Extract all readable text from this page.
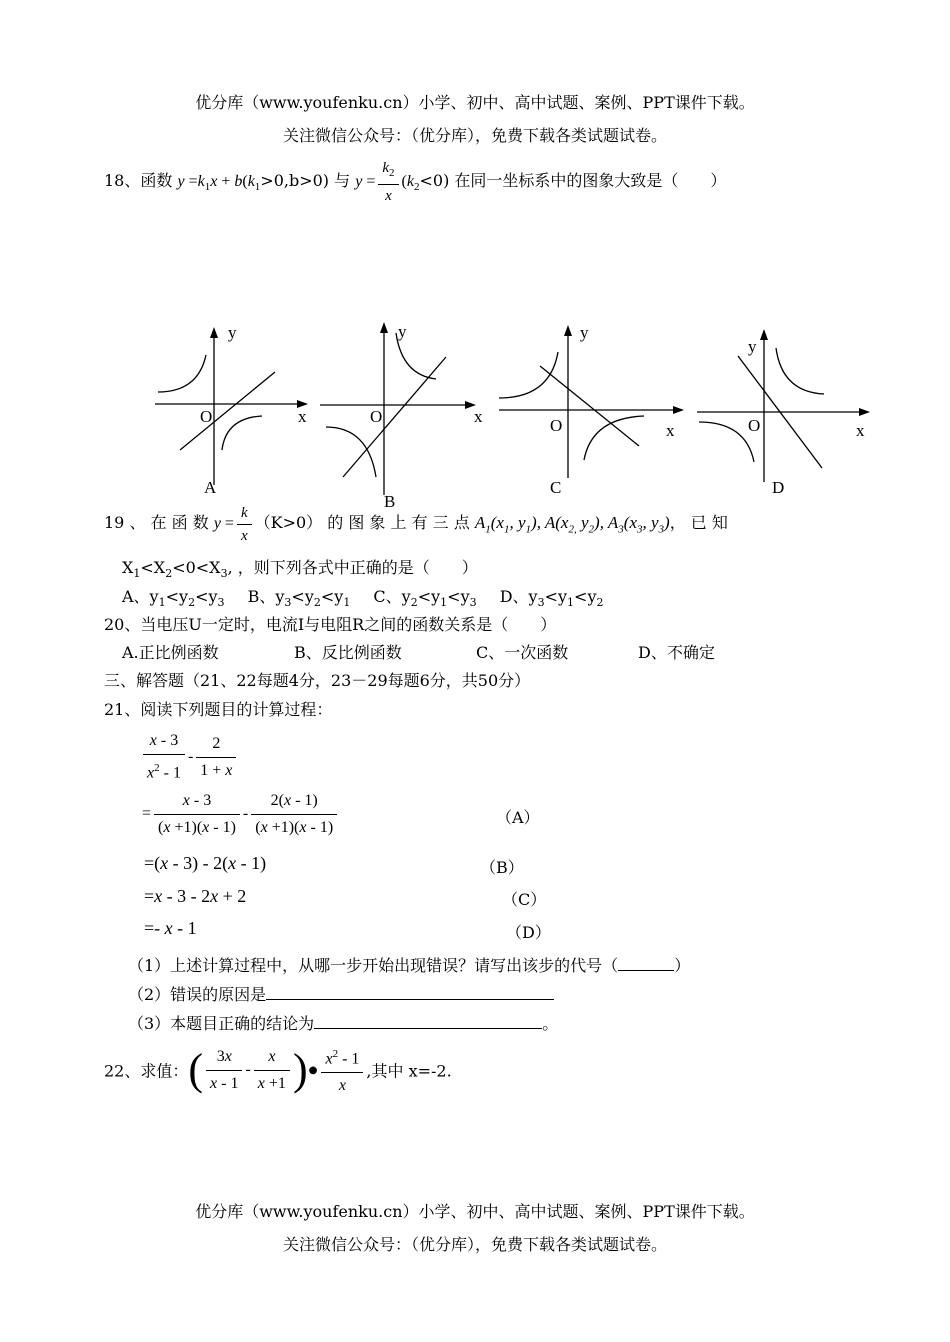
优分库（www.youfenku.cn）小学、初中、高中试题、案例、PPT课件下载。
关注微信公众号：（优分库），免费下载各类试题试卷。
18、函数 $y =k_1x + b(k_1>0,b>0)$ 与 $y = \frac{k_2}{x} (k_2<0)$ 在同一坐标系中的图象大致是（　　）
y
O	x
A
y
O	x
B
y
O	x
C
y
O	x
D
19 、 在 函 数 $y = \frac{k}{x} (K>0)$ 的 图 象 上 有 三 点 $A_1(x_1$, $y_1$), $A(x_{2,}$ $y_2$), $A_3(x_3$, $y_3$)， 已 知
$X_1<X_2<0<X_3$, ，则下列各式中正确的是（　　）
A、$y_1<y_2<y_3$ B、$y_3<y_2<y_1$ C、$y_2<y_1<y_3$ D、$y_3<y_1<y_2$
20、当电压U一定时，电流I与电阻R之间的函数关系是（　　）
A.正比例函数	B、反比例函数	C、一次函数	D、不确定
三、解答题（21、22每题4分，23－29每题6分，共50分）
21、阅读下列题目的计算过程：
$\frac{x - 3}{x^2 - 1} - \frac{2}{1 + x}$
= $\frac{x - 3}{(x +1)(x - 1)} - \frac{2(x - 1)}{(x +1)(x - 1)}$	（A）
=(x - 3) - 2(x - 1)	（B）
=x - 3 - 2x + 2	（C）
=- x - 1	（D）
（1）上述计算过程中，从哪一步开始出现错误？请写出该步的代号（	）
（2）错误的原因是
（3）本题目正确的结论为	。
22、求值：( $\frac{3x}{x - 1} - \frac{x}{x +1}$ )● $\frac{x^2 - 1}{x}$ ,其中 x=-2.
优分库（www.youfenku.cn）小学、初中、高中试题、案例、PPT课件下载。
关注微信公众号：（优分库），免费下载各类试题试卷。
